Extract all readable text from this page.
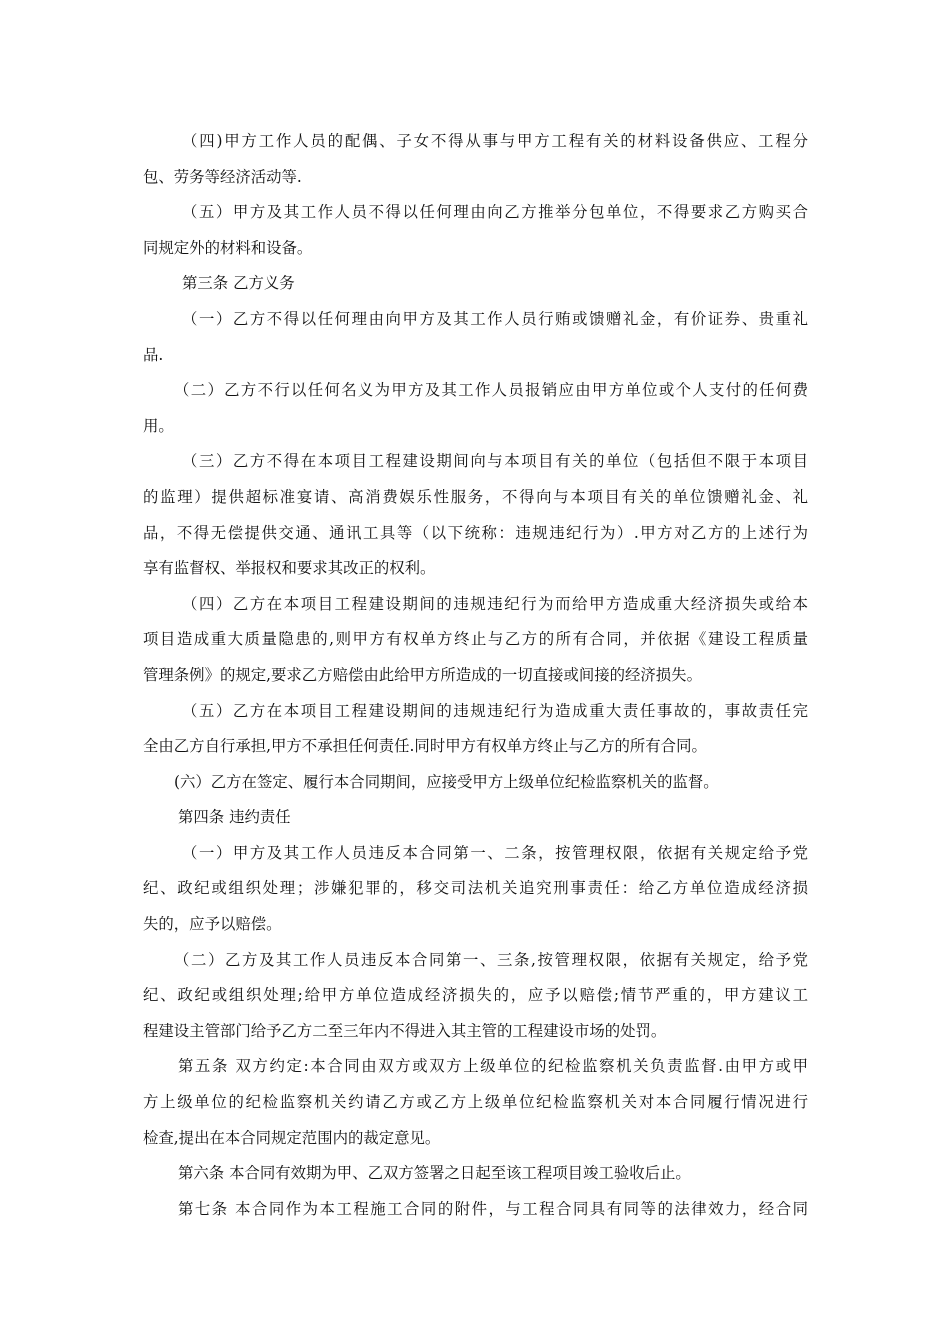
（四)甲方工作人员的配偶、子女不得从事与甲方工程有关的材料设备供应、工程分
包、劳务等经济活动等.
（五）甲方及其工作人员不得以任何理由向乙方推举分包单位，不得要求乙方购买合
同规定外的材料和设备。
第三条 乙方义务
（一）乙方不得以任何理由向甲方及其工作人员行贿或馈赠礼金，有价证券、贵重礼
品.
（二）乙方不行以任何名义为甲方及其工作人员报销应由甲方单位或个人支付的任何费
用。
（三）乙方不得在本项目工程建设期间向与本项目有关的单位（包括但不限于本项目
的监理）提供超标准宴请、高消费娱乐性服务，不得向与本项目有关的单位馈赠礼金、礼
品，不得无偿提供交通、通讯工具等（以下统称：违规违纪行为）.甲方对乙方的上述行为
享有监督权、举报权和要求其改正的权利。
（四）乙方在本项目工程建设期间的违规违纪行为而给甲方造成重大经济损失或给本
项目造成重大质量隐患的,则甲方有权单方终止与乙方的所有合同，并依据《建设工程质量
管理条例》的规定,要求乙方赔偿由此给甲方所造成的一切直接或间接的经济损失。
（五）乙方在本项目工程建设期间的违规违纪行为造成重大责任事故的，事故责任完
全由乙方自行承担,甲方不承担任何责任.同时甲方有权单方终止与乙方的所有合同。
(六）乙方在签定、履行本合同期间，应接受甲方上级单位纪检监察机关的监督。
第四条 违约责任
（一）甲方及其工作人员违反本合同第一、二条，按管理权限，依据有关规定给予党
纪、政纪或组织处理；涉嫌犯罪的，移交司法机关追究刑事责任：给乙方单位造成经济损
失的，应予以赔偿。
（二）乙方及其工作人员违反本合同第一、三条,按管理权限，依据有关规定，给予党
纪、政纪或组织处理;给甲方单位造成经济损失的，应予以赔偿;情节严重的，甲方建议工
程建设主管部门给予乙方二至三年内不得进入其主管的工程建设市场的处罚。
第五条 双方约定:本合同由双方或双方上级单位的纪检监察机关负责监督.由甲方或甲
方上级单位的纪检监察机关约请乙方或乙方上级单位纪检监察机关对本合同履行情况进行
检查,提出在本合同规定范围内的裁定意见。
第六条 本合同有效期为甲、乙双方签署之日起至该工程项目竣工验收后止。
第七条 本合同作为本工程施工合同的附件，与工程合同具有同等的法律效力，经合同
